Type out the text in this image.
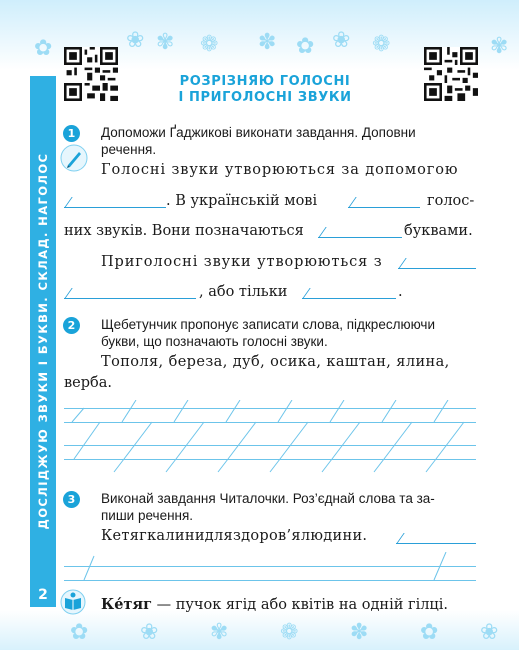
✿	❀ ✾ ❁ ✽ ✿ ❀ ❁	✾
✿ ❀ ✾ ❁ ✽ ✿ ❀
РОЗРІЗНЯЮ ГОЛОСНІ
І ПРИГОЛОСНІ ЗВУКИ
ДОСЛІДЖУЮ ЗВУКИ І БУКВИ. СКЛАД. НАГОЛОС
2
1	Допоможи Ґаджикові виконати завдання. Доповни
речення.
Голосні звуки утворюються за допомогою
. В українській мові	голос-
них звуків. Вони позначаються	буквами.
Приголосні звуки утворюються з
, або тільки	.
2	Щебетунчик пропонує записати слова, підкреслюючи
букви, що позначають голосні звуки.
Тополя, береза, дуб, осика, каштан, ялина,
верба.
3	Виконай завдання Читалочки. Роз’єднай слова та за-
пиши речення.
Кетягкалинидляздоров’ялюдини.
Ке́тяг — пучок ягід або квітів на одній гілці.
